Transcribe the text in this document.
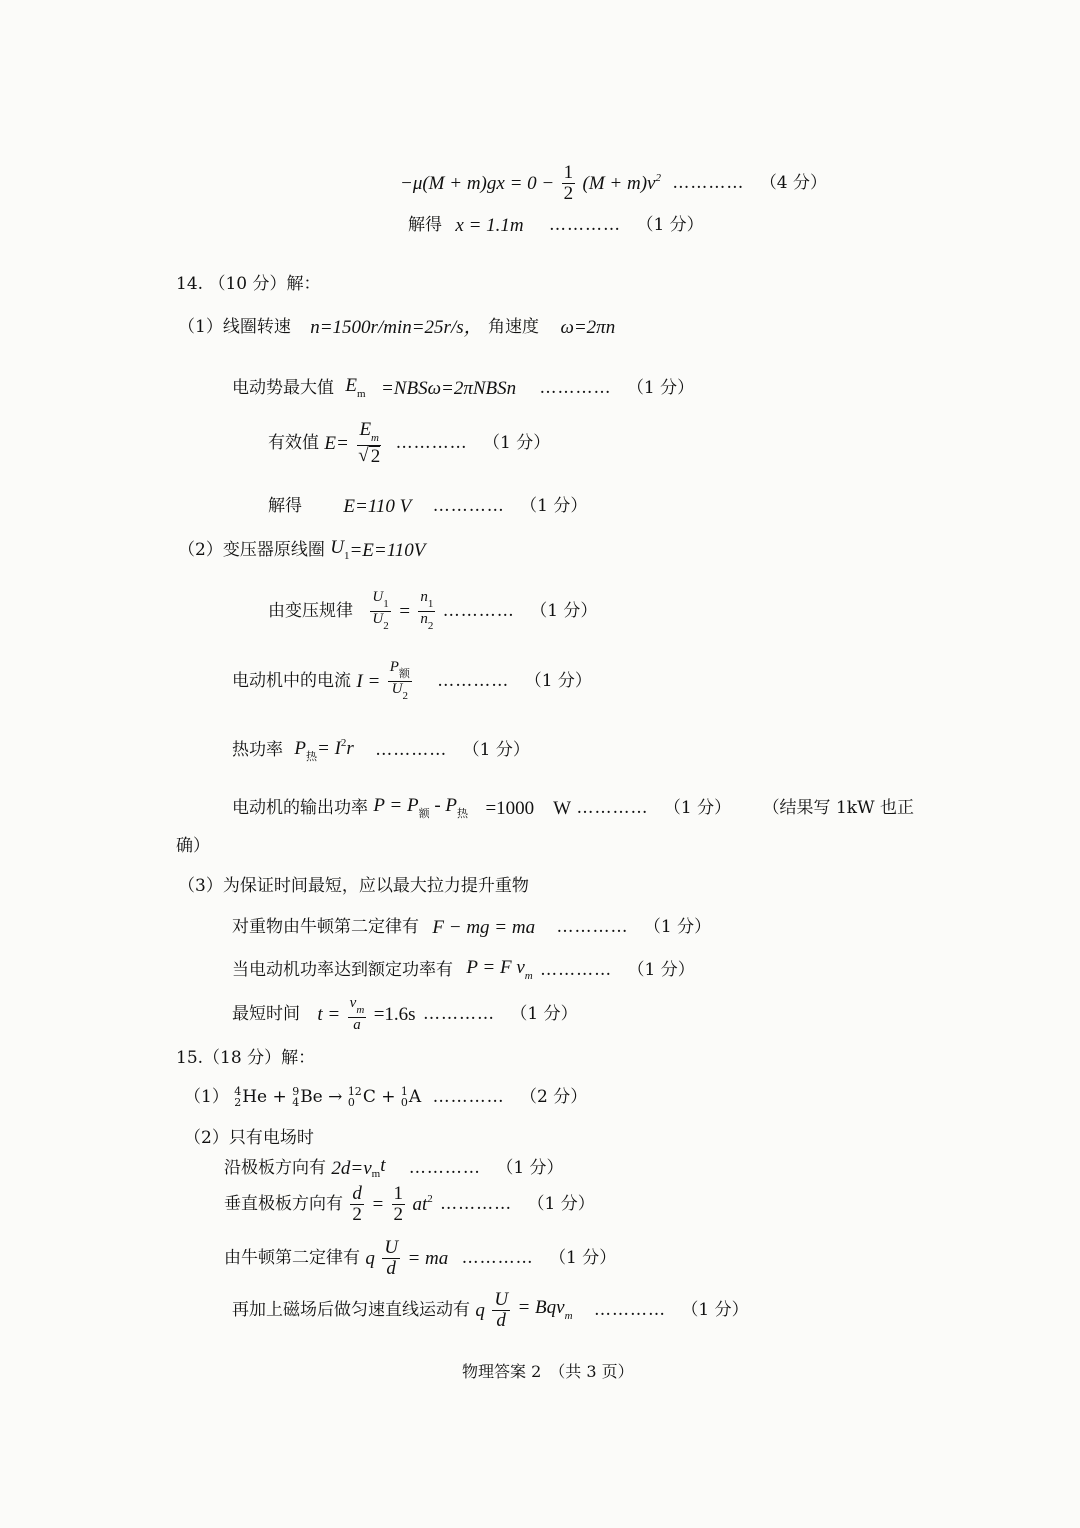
$-\mu(M + m)gx = 0 - \frac{1}{2} (M + m)v2$ ………… （4 分）
解得 x = 1.1m ………… （1 分）
14. （10 分）解：
（1）线圈转速 n=1500r/min=25r/s， 角速度 ω=2πn
电动势最大值 Em =NBSω=2πNBSn ………… （1 分）
有效值 $E= \frac{Em}{√ 2}$ ………… （1 分）
解得 E=110 V ………… （1 分）
（2）变压器原线圈 U1=E=110V
由变压规律 $\frac{U1}{U2} = \frac{n1}{n2}$ ………… （1 分）
电动机中的电流 $I = \frac{\text{P额}}{U2}$ ………… （1 分）
热功率 P热= I2r ………… （1 分）
电动机的输出功率 P = P额 - P热 =1000　W ………… （1 分） （结果写 1kW 也正
确）
（3）为保证时间最短，应以最大拉力提升重物
对重物由牛顿第二定律有 F − mg = ma ………… （1 分）
当电动机功率达到额定功率有 P = F vm ………… （1 分）
最短时间 $t = \frac{vm}{a} =1.6s$ ………… （1 分）
15.（18 分）解：
（1） 4
2 He + 9
4 Be → 12
0 C + 1
0 A ………… （2 分）
（2）只有电场时
沿极板方向有 2d=vmt ………… （1 分）
垂直极板方向有 $\frac{d}{2} = \frac{1}{2} at2$ ………… （1 分）
由牛顿第二定律有 q $\frac{U}{d}$ = ma ………… （1 分）
再加上磁场后做匀速直线运动有 q $\frac{U}{d}$ = Bqvm ………… （1 分）
物理答案 2　（共 3 页）
